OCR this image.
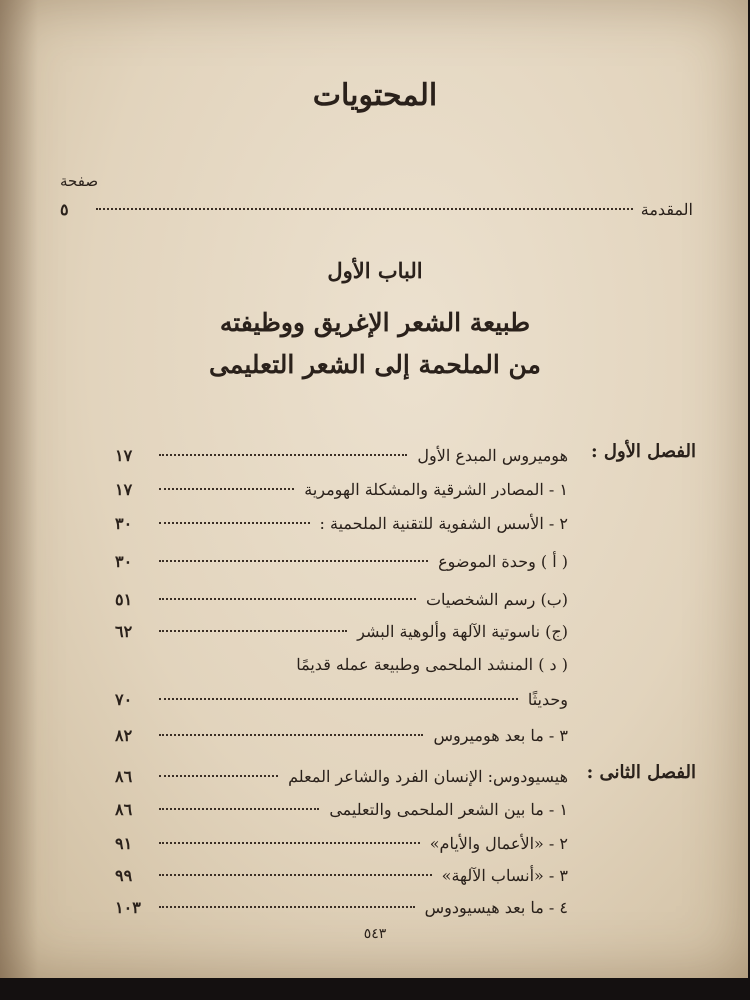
المحتويات
صفحة
المقدمة
٥
الباب الأول
طبيعة الشعر الإغريق ووظيفته
من الملحمة إلى الشعر التعليمى
الفصل الأول :
هوميروس المبدع الأول
١٧
١ - المصادر الشرقية والمشكلة الهومرية
١٧
٢ - الأسس الشفوية للتقنية الملحمية :
٣٠
( أ ) وحدة الموضوع
٣٠
(ب) رسم الشخصيات
٥١
(ج) ناسوتية الآلهة وألوهية البشر
٦٢
( د ) المنشد الملحمى وطبيعة عمله قديمًا
وحديثًا
٧٠
٣ - ما بعد هوميروس
٨٢
الفصل الثانى :
هيسيودوس: الإنسان الفرد والشاعر المعلم
٨٦
١ - ما بين الشعر الملحمى والتعليمى
٨٦
٢ - «الأعمال والأيام»
٩١
٣ - «أنساب الآلهة»
٩٩
٤ - ما بعد هيسيودوس
١٠٣
٥٤٣
